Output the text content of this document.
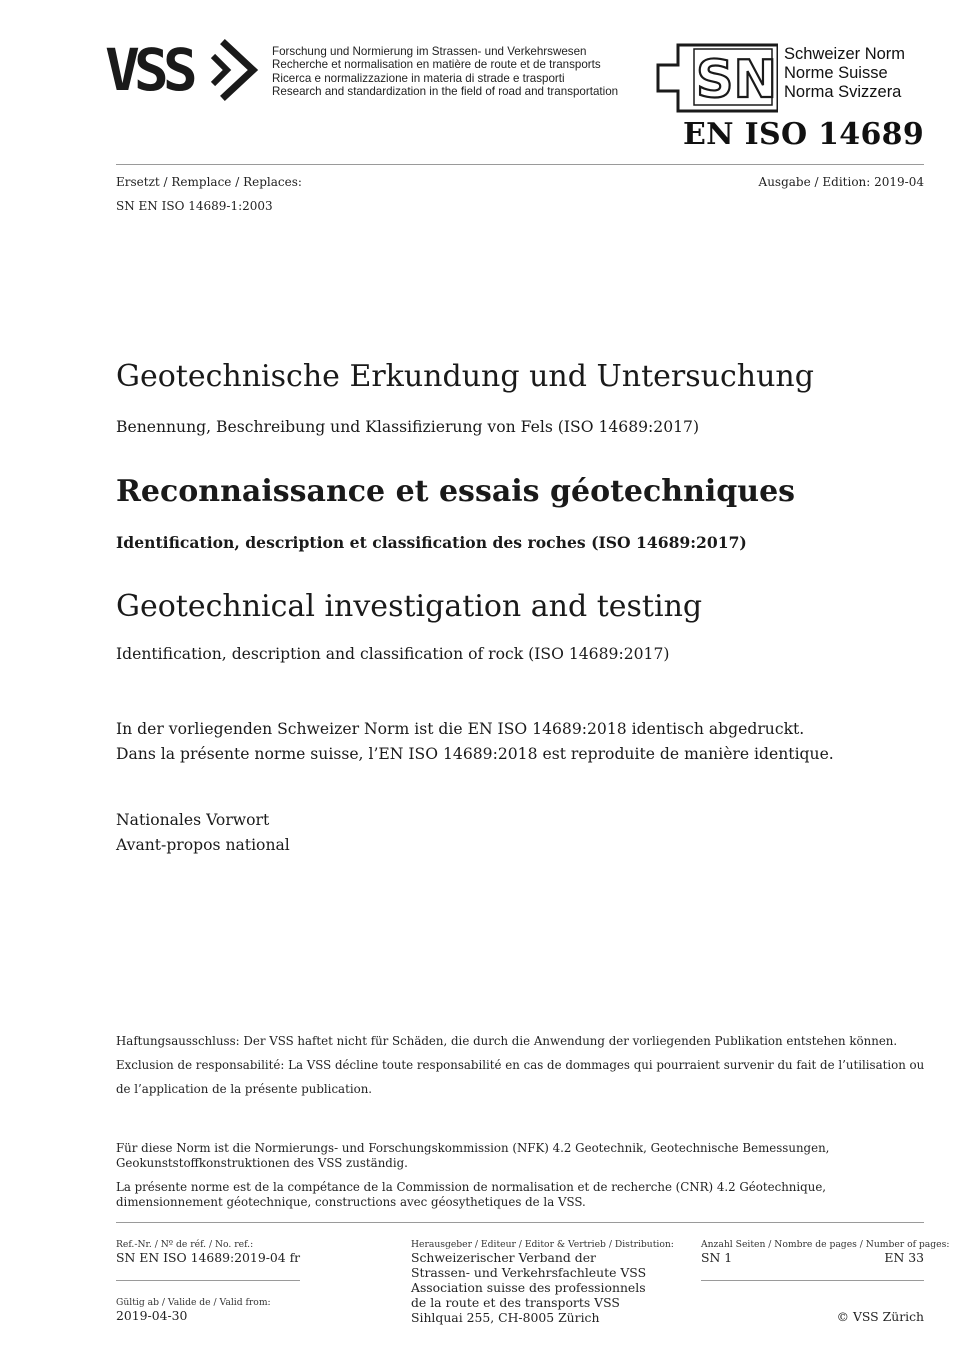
VSS	Forschung und Normierung im Strassen- und Verkehrswesen
Recherche et normalisation en matière de route et de transports
Ricerca e normalizzazione in materia di strade e trasporti
Research and standardization in the field of road and transportation SN Schweizer Norm
Norme Suisse
Norma Svizzera
EN ISO 14689
Ersetzt / Remplace / Replaces:
SN EN ISO 14689-1:2003
Ausgabe / Edition: 2019-04
Geotechnische Erkundung und Untersuchung
Benennung, Beschreibung und Klassifizierung von Fels (ISO 14689:2017)
Reconnaissance et essais géotechniques
Identification, description et classification des roches (ISO 14689:2017)
Geotechnical investigation and testing
Identification, description and classification of rock (ISO 14689:2017)
In der vorliegenden Schweizer Norm ist die EN ISO 14689:2018 identisch abgedruckt.
Dans la présente norme suisse, l’EN ISO 14689:2018 est reproduite de manière identique.
Nationales Vorwort
Avant-propos national
Haftungsausschluss: Der VSS haftet nicht für Schäden, die durch die Anwendung der vorliegenden Publikation entstehen können.
Exclusion de responsabilité: La VSS décline toute responsabilité en cas de dommages qui pourraient survenir du fait de l’utilisation ou
de l’application de la présente publication.
Für diese Norm ist die Normierungs- und Forschungskommission (NFK) 4.2 Geotechnik, Geotechnische Bemessungen, Geokunststoffkonstruktionen des VSS zuständig.
La présente norme est de la compétance de la Commission de normalisation et de recherche (CNR) 4.2 Géotechnique, dimensionnement géotechnique, constructions avec géosythetiques de la VSS.
Ref.-Nr. / Nº de réf. / No. ref.:
SN EN ISO 14689:2019-04 fr
Gültig ab / Valide de / Valid from:
2019-04-30
Herausgeber / Editeur / Editor & Vertrieb / Distribution:
Schweizerischer Verband der
Strassen- und Verkehrsfachleute VSS
Association suisse des professionnels
de la route et des transports VSS
Sihlquai 255, CH-8005 Zürich
Anzahl Seiten / Nombre de pages / Number of pages:
SN 1	EN 33
© VSS Zürich
